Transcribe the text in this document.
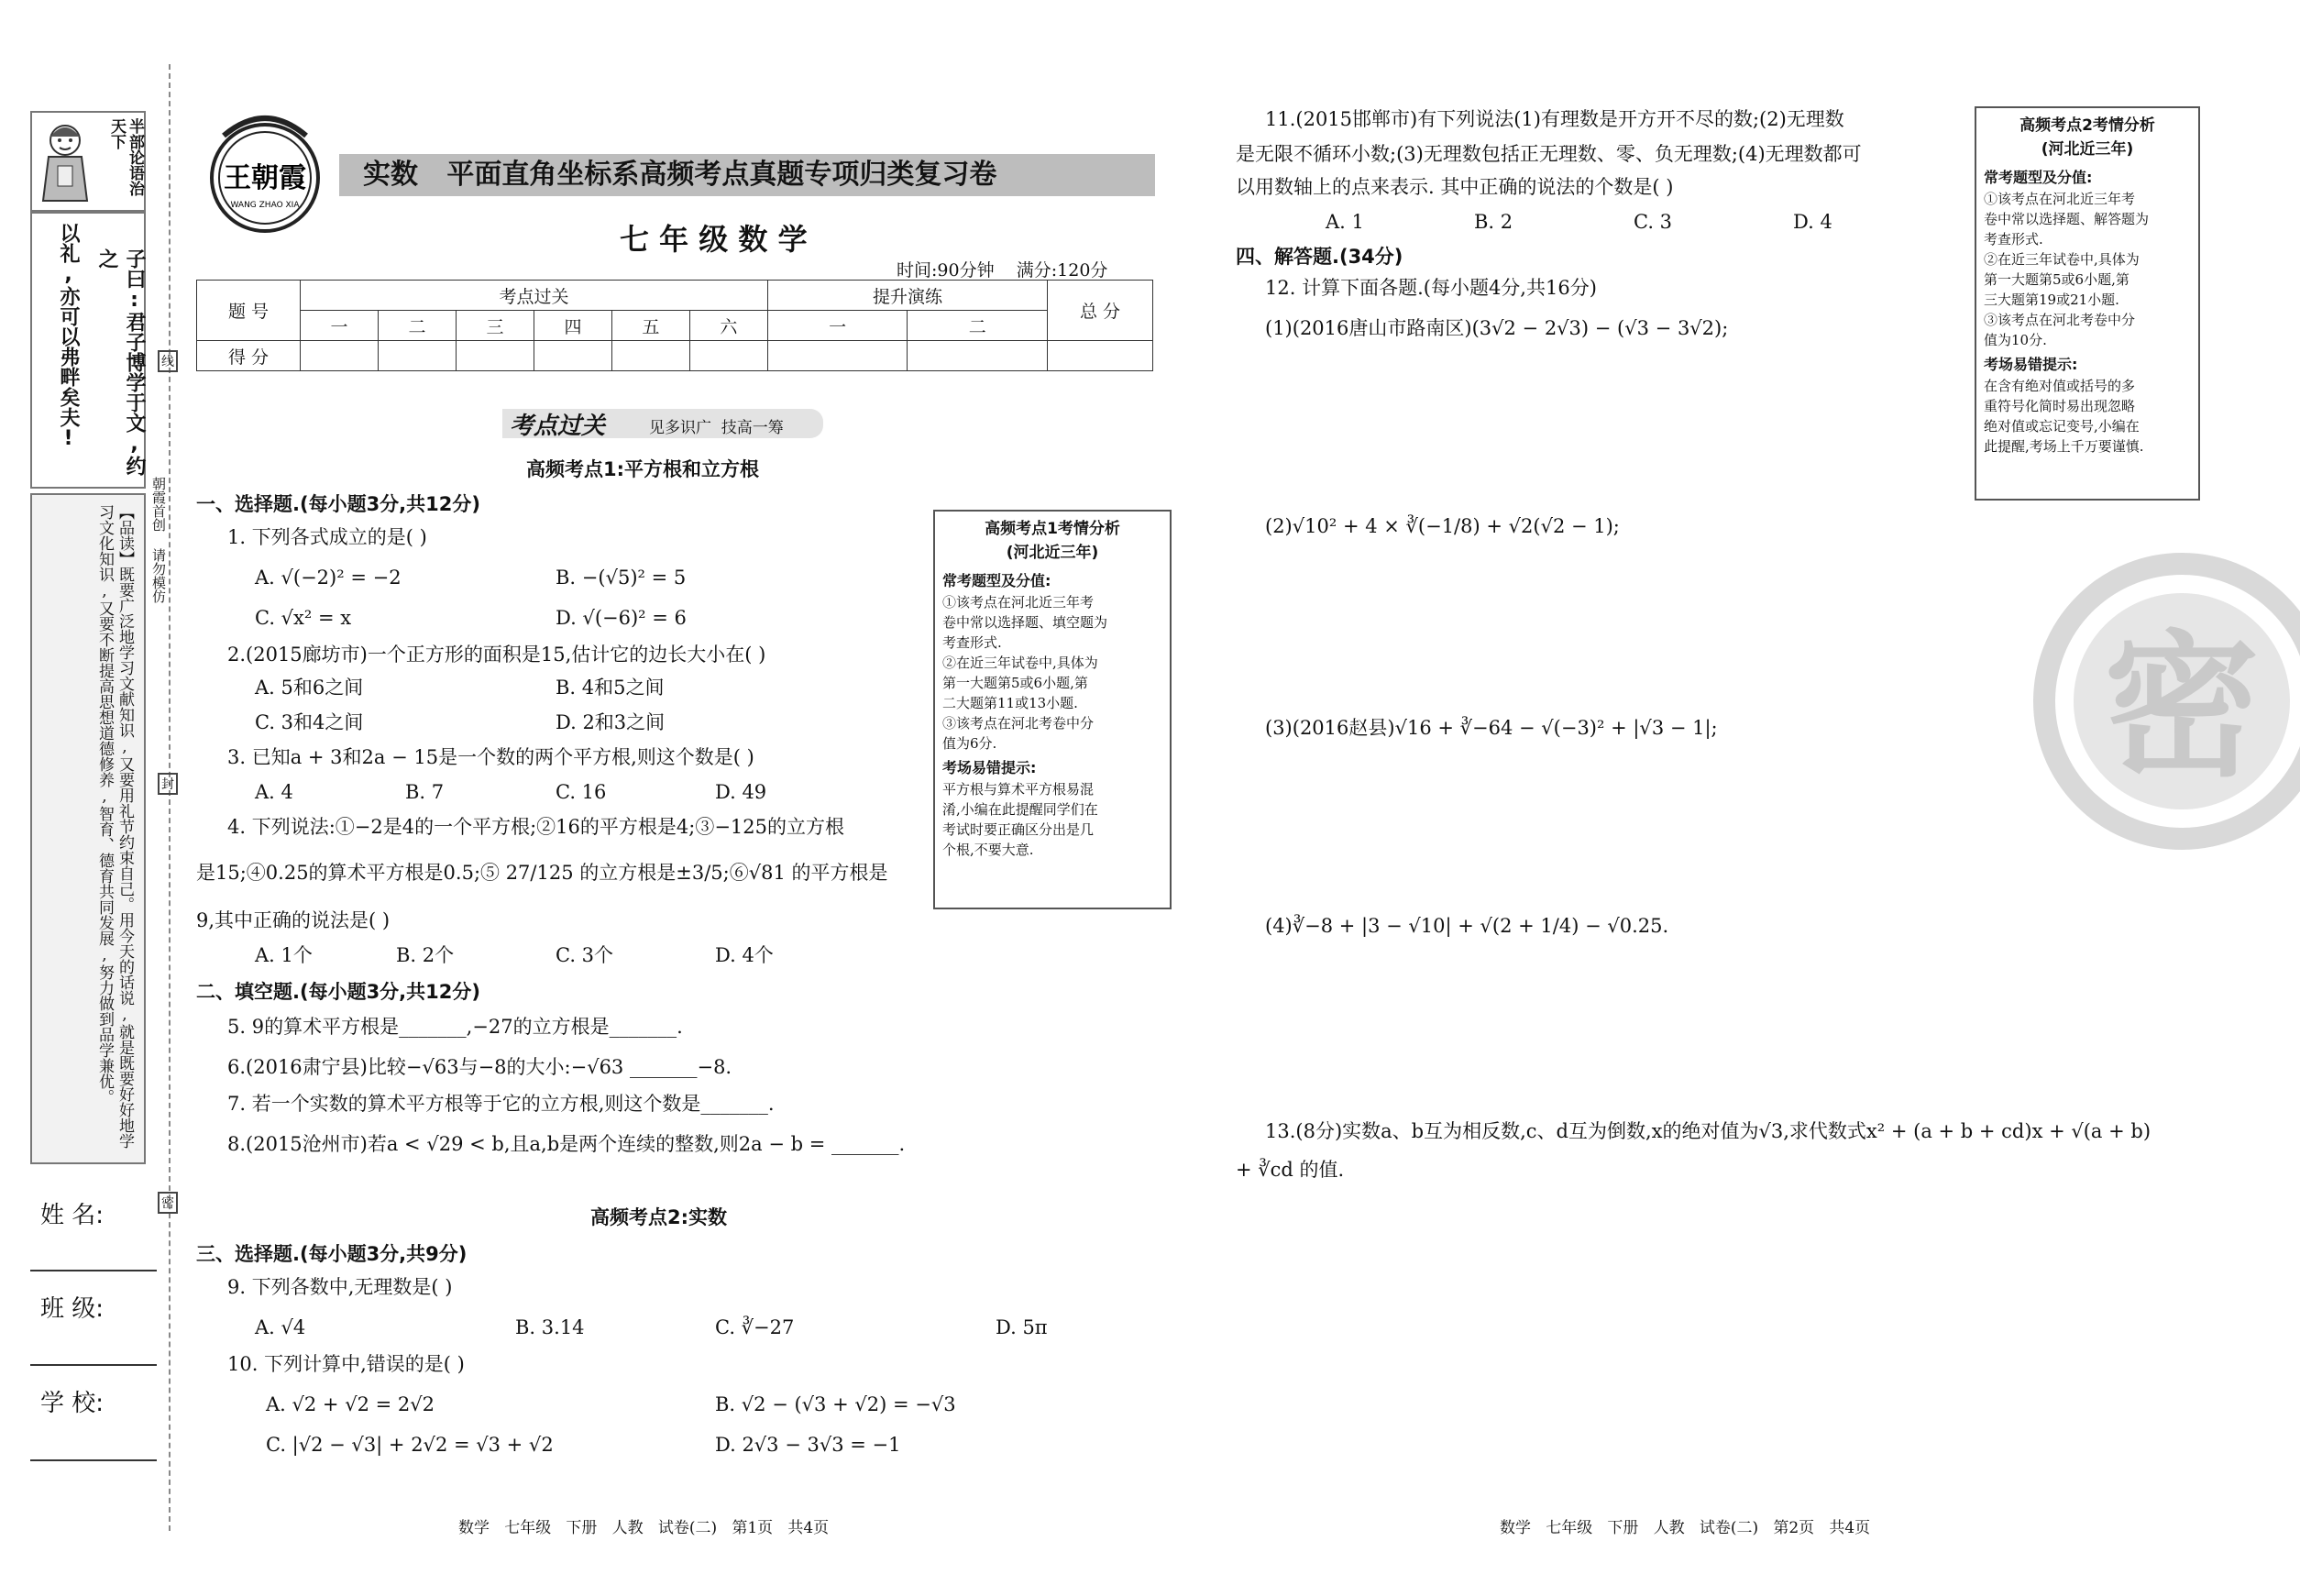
半部论语治天下
子曰:君子博学于文,约之
以礼,亦可以弗畔矣夫!
【品读】既要广泛地学习文献知识,又要用礼节约束自己。用今天的话说,就是既要好好地学习文化知识,又要不断提高思想道德修养,智育、德育共同发展,努力做到品学兼优。
姓 名:
班 级:
学 校:
朝霞首创 请勿模仿
线
封
密
王朝霞
WANG ZHAO XIA
实数   平面直角坐标系高频考点真题专项归类复习卷
七 年 级 数 学
时间:90分钟    满分:120分
题 号	考点过关						提升演练		总 分
	一	二	三	四	五	六	一	二	
得 分									
考点过关	见多识广  技高一筹
高频考点1:平方根和立方根
一、选择题.(每小题3分,共12分)
1. 下列各式成立的是( )
A. √(−2)² = −2	B. −(√5)² = 5
C. √x² = x	D. √(−6)² = 6
2.(2015廊坊市)一个正方形的面积是15,估计它的边长大小在( )
A. 5和6之间	B. 4和5之间
C. 3和4之间	D. 2和3之间
3. 已知a + 3和2a − 15是一个数的两个平方根,则这个数是( )
A. 4	B. 7	C. 16	D. 49
4. 下列说法:①−2是4的一个平方根;②16的平方根是4;③−125的立方根
是15;④0.25的算术平方根是0.5;⑤ 27/125 的立方根是±3/5;⑥√81 的平方根是
9,其中正确的说法是( )
A. 1个	B. 2个	C. 3个	D. 4个
二、填空题.(每小题3分,共12分)
5. 9的算术平方根是_______,−27的立方根是_______.
6.(2016肃宁县)比较−√63与−8的大小:−√63 _______−8.
7. 若一个实数的算术平方根等于它的立方根,则这个数是_______.
8.(2015沧州市)若a < √29 < b,且a,b是两个连续的整数,则2a − b = _______.
高频考点2:实数
三、选择题.(每小题3分,共9分)
9. 下列各数中,无理数是( )
A. √4	B. 3.14	C. ∛−27	D. 5π
10. 下列计算中,错误的是( )
A. √2 + √2 = 2√2	B. √2 − (√3 + √2) = −√3
C. |√2 − √3| + 2√2 = √3 + √2	D. 2√3 − 3√3 = −1
数学   七年级   下册   人教   试卷(二)   第1页   共4页
高频考点1考情分析
(河北近三年)
常考题型及分值:
①该考点在河北近三年考
卷中常以选择题、填空题为
考查形式.
②在近三年试卷中,具体为
第一大题第5或6小题,第
二大题第11或13小题.
③该考点在河北考卷中分
值为6分.
考场易错提示:
平方根与算术平方根易混
淆,小编在此提醒同学们在
考试时要正确区分出是几
个根,不要大意.
11.(2015邯郸市)有下列说法(1)有理数是开方开不尽的数;(2)无理数
是无限不循环小数;(3)无理数包括正无理数、零、负无理数;(4)无理数都可
以用数轴上的点来表示. 其中正确的说法的个数是( )
A. 1	B. 2	C. 3	D. 4
四、解答题.(34分)
12. 计算下面各题.(每小题4分,共16分)
(1)(2016唐山市路南区)(3√2 − 2√3) − (√3 − 3√2);
(2)√10² + 4 × ∛(−1/8) + √2(√2 − 1);
(3)(2016赵县)√16 + ∛−64 − √(−3)² + |√3 − 1|;
(4)∛−8 + |3 − √10| + √(2 + 1/4) − √0.25.
13.(8分)实数a、b互为相反数,c、d互为倒数,x的绝对值为√3,求代数式x² + (a + b + cd)x + √(a + b)
+ ∛cd 的值.
数学   七年级   下册   人教   试卷(二)   第2页   共4页
高频考点2考情分析
(河北近三年)
常考题型及分值:
①该考点在河北近三年考
卷中常以选择题、解答题为
考查形式.
②在近三年试卷中,具体为
第一大题第5或6小题,第
三大题第19或21小题.
③该考点在河北考卷中分
值为10分.
考场易错提示:
在含有绝对值或括号的多
重符号化简时易出现忽略
绝对值或忘记变号,小编在
此提醒,考场上千万要谨慎.
密
